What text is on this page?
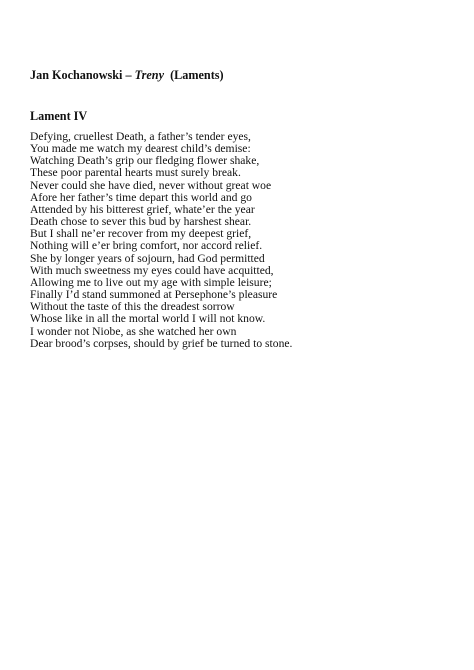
Jan Kochanowski – Treny  (Laments)
Lament IV
Defying, cruellest Death, a father’s tender eyes,
You made me watch my dearest child’s demise:
Watching Death’s grip our fledging flower shake,
These poor parental hearts must surely break.
Never could she have died, never without great woe
Afore her father’s time depart this world and go
Attended by his bitterest grief, whate’er the year
Death chose to sever this bud by harshest shear.
But I shall ne’er recover from my deepest grief,
Nothing will e’er bring comfort, nor accord relief.
She by longer years of sojourn, had God permitted
With much sweetness my eyes could have acquitted,
Allowing me to live out my age with simple leisure;
Finally I’d stand summoned at Persephone’s pleasure
Without the taste of this the dreadest sorrow
Whose like in all the mortal world I will not know.
I wonder not Niobe, as she watched her own
Dear brood’s corpses, should by grief be turned to stone.
